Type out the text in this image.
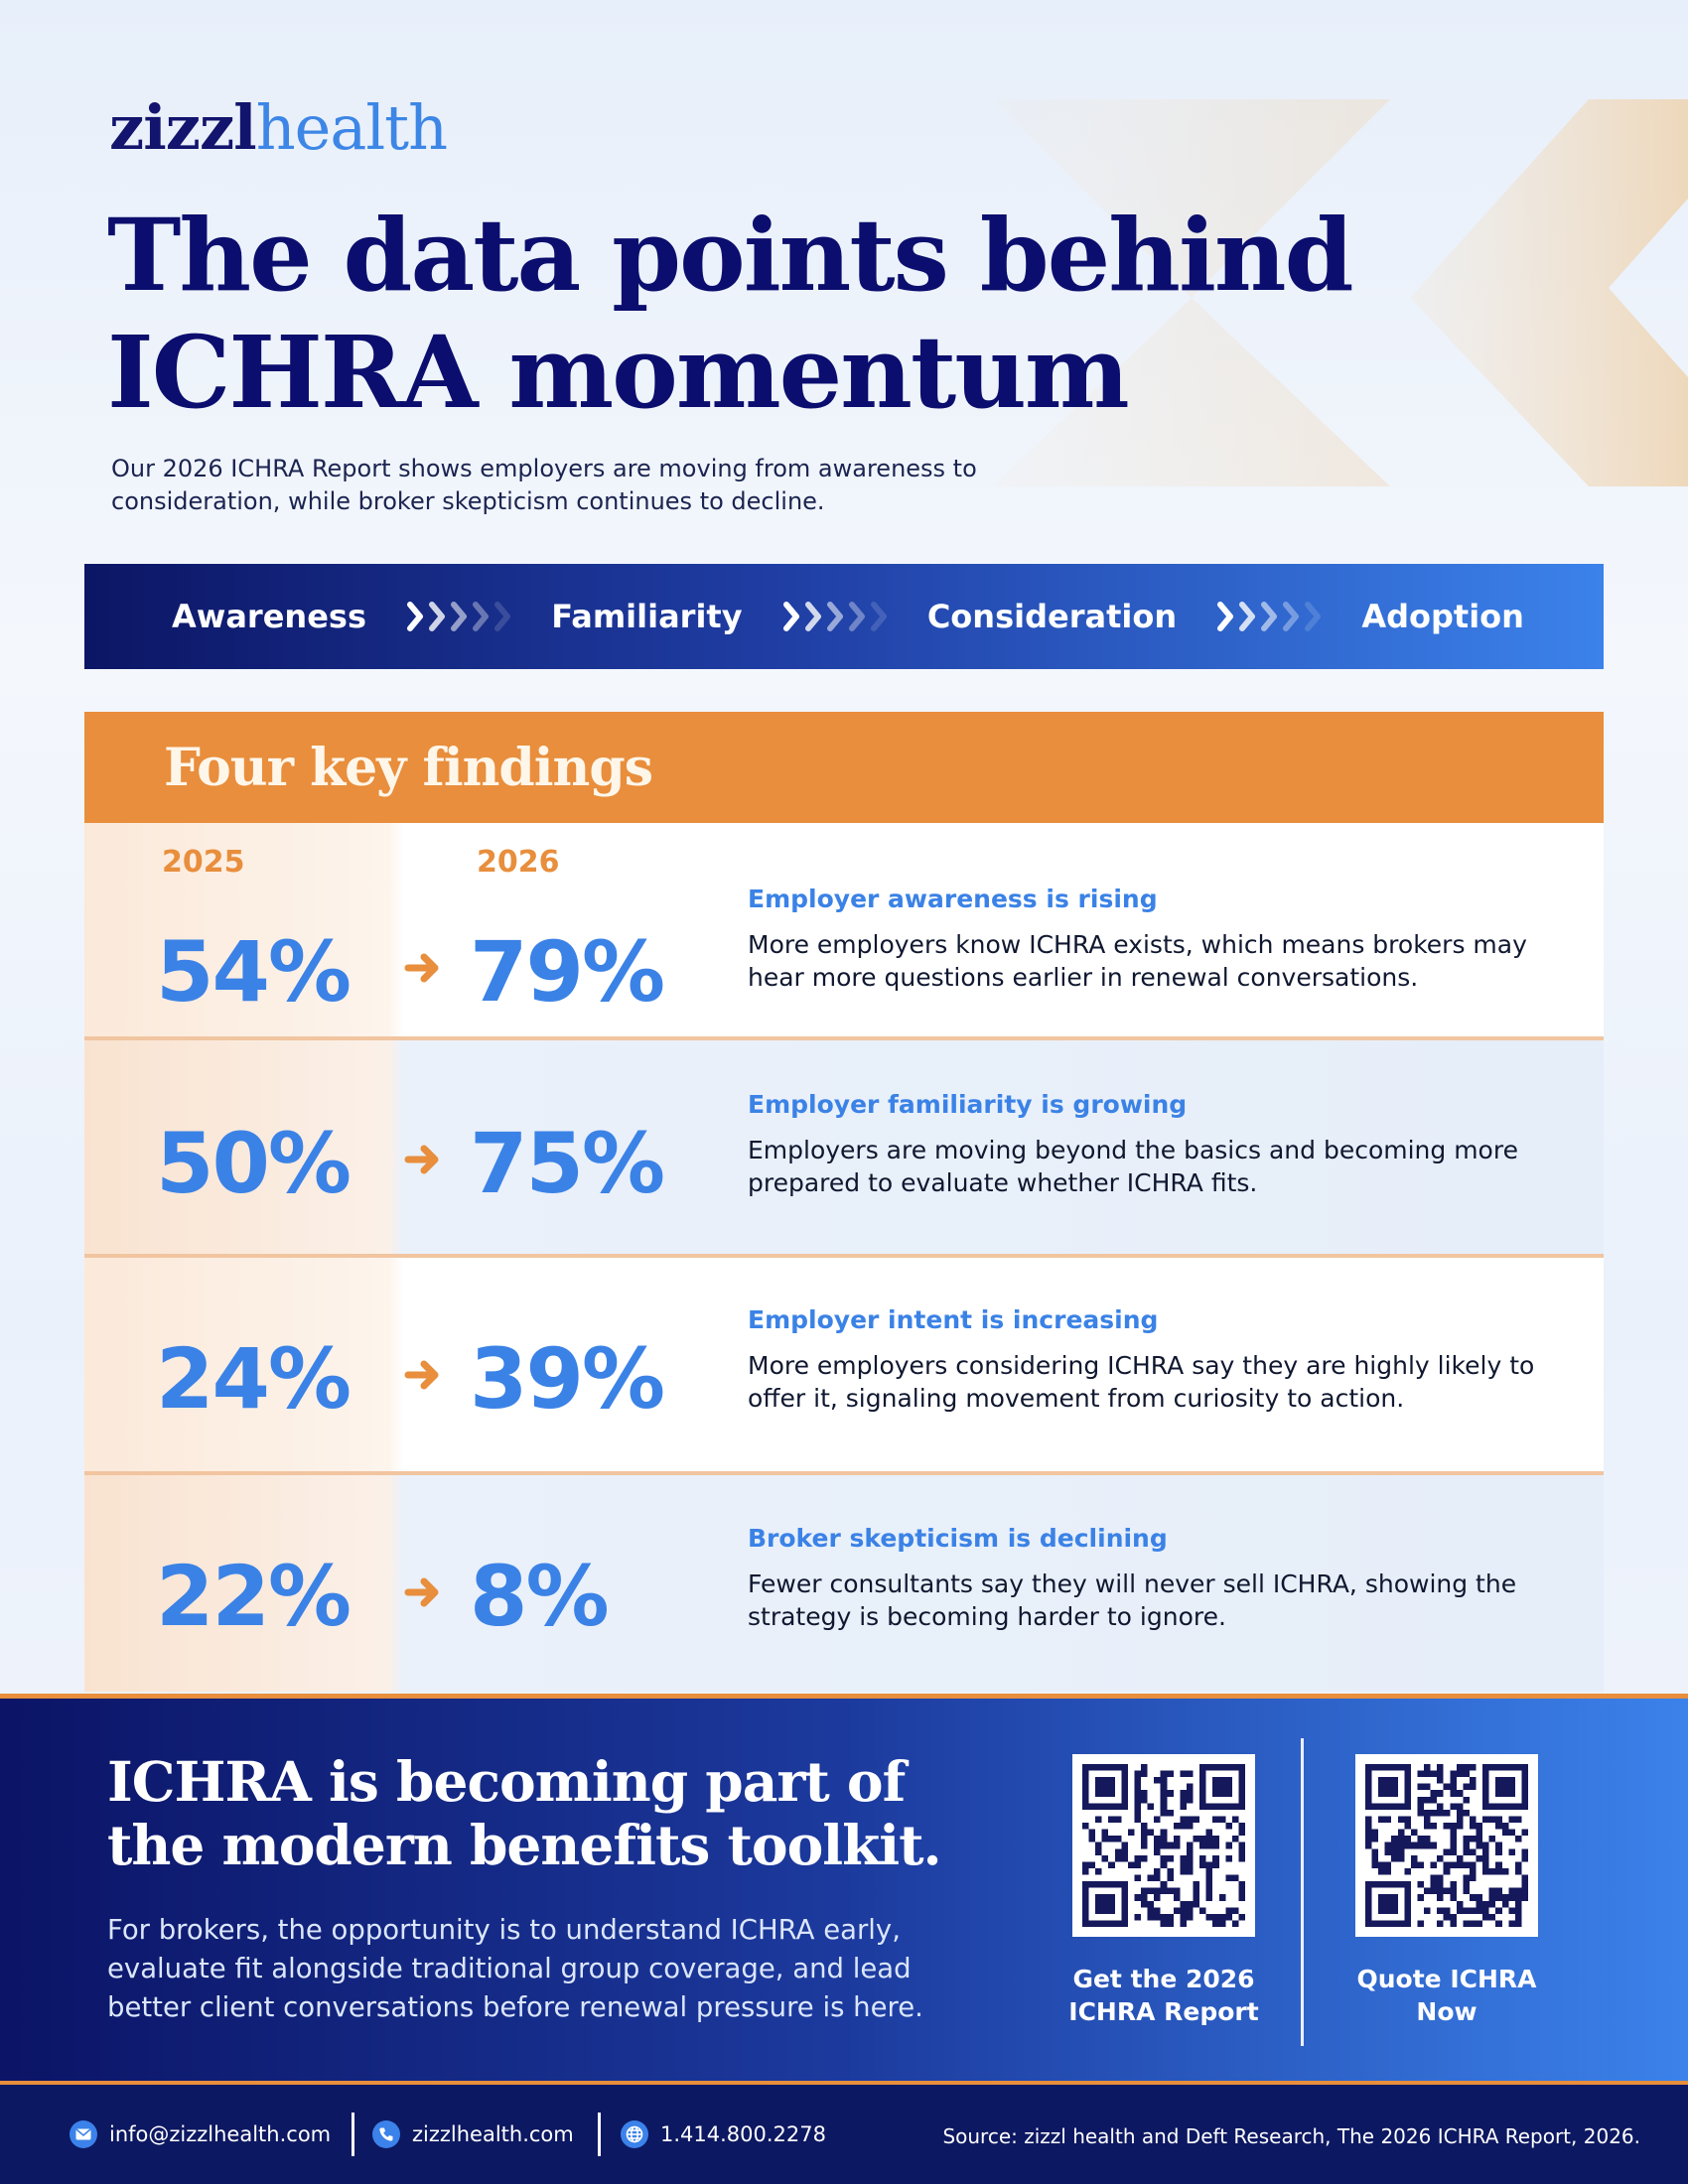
zizzlhealth
The data points behind
ICHRA momentum

Our 2026 ICHRA Report shows employers are moving from awareness to consideration, while broker skepticism continues to decline.

Awareness	Familiarity	Consideration	Adoption
Four key findings
2025	2026
54% 79%
Employer awareness is rising

More employers know ICHRA exists, which means brokers may hear more questions earlier in renewal conversations.

50% 75%
Employer familiarity is growing

Employers are moving beyond the basics and becoming more prepared to evaluate whether ICHRA fits.

24% 39%
Employer intent is increasing

More employers considering ICHRA say they are highly likely to offer it, signaling movement from curiosity to action.

22% 8%
Broker skepticism is declining

Fewer consultants say they will never sell ICHRA, showing the strategy is becoming harder to ignore.

ICHRA is becoming part of
the modern benefits toolkit.

For brokers, the opportunity is to understand ICHRA early, evaluate fit alongside traditional group coverage, and lead better client conversations before renewal pressure is here.

Get the 2026
ICHRA Report
Quote ICHRA
Now
info@zizzlhealth.com	zizzlhealth.com	1.414.800.2278	Source: zizzl health and Deft Research, The 2026 ICHRA Report, 2026.
